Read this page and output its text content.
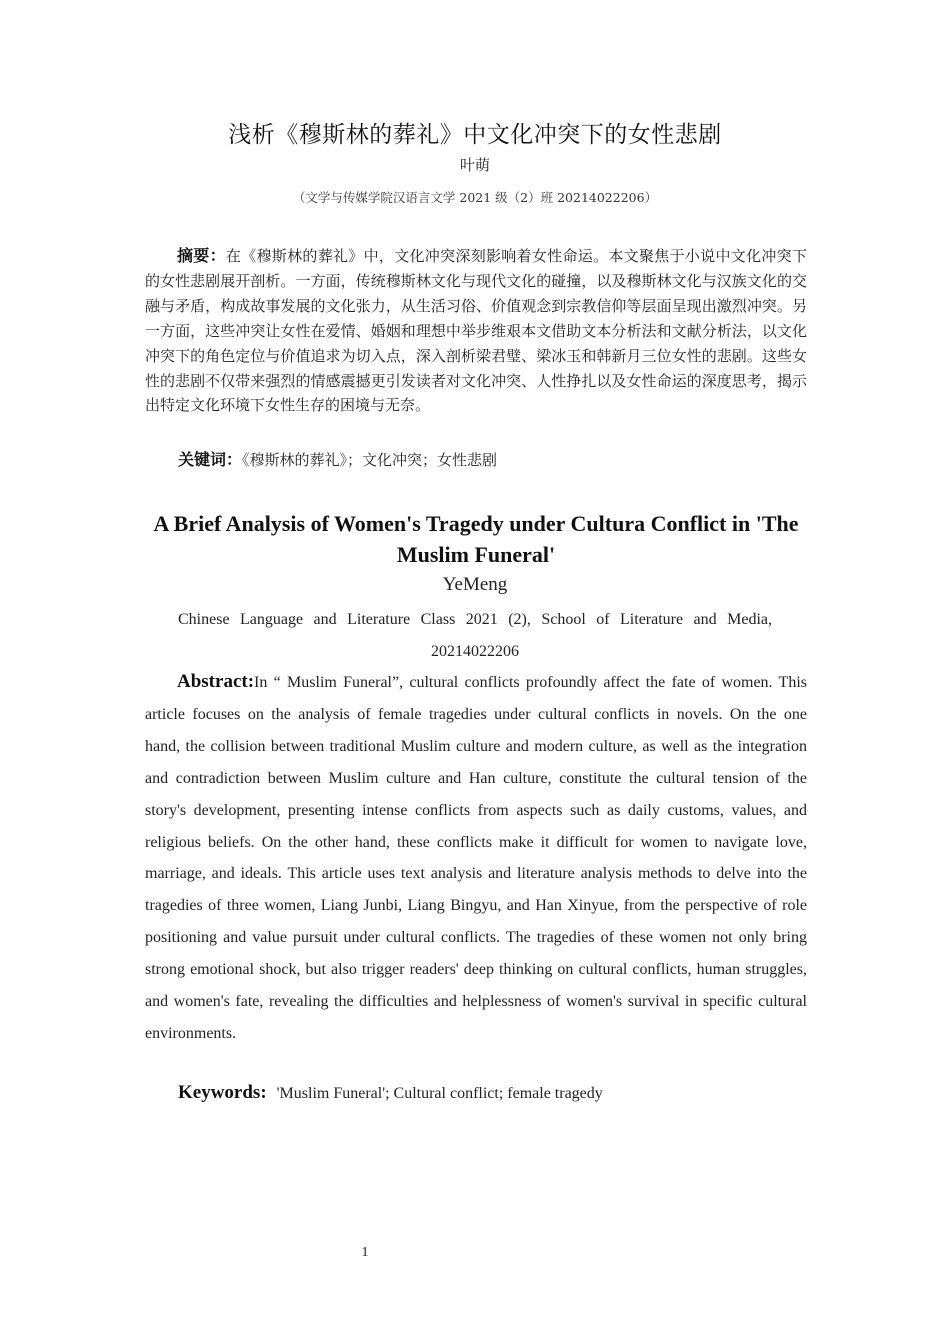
浅析《穆斯林的葬礼》中文化冲突下的女性悲剧
叶萌
（文学与传媒学院汉语言文学 2021 级（2）班 20214022206）

摘要：在《穆斯林的葬礼》中，文化冲突深刻影响着女性命运。本文聚焦于小说中文化冲突下的女性悲剧展开剖析。一方面，传统穆斯林文化与现代文化的碰撞，以及穆斯林文化与汉族文化的交融与矛盾，构成故事发展的文化张力，从生活习俗、价值观念到宗教信仰等层面呈现出激烈冲突。另一方面，这些冲突让女性在爱情、婚姻和理想中举步维艰本文借助文本分析法和文献分析法，以文化冲突下的角色定位与价值追求为切入点，深入剖析梁君璧、梁冰玉和韩新月三位女性的悲剧。这些女性的悲剧不仅带来强烈的情感震撼更引发读者对文化冲突、人性挣扎以及女性命运的深度思考，揭示出特定文化环境下女性生存的困境与无奈。

关键词：《穆斯林的葬礼》；文化冲突；女性悲剧

A Brief Analysis of Women's Tragedy under Cultura Conflict in 'The Muslim Funeral'
YeMeng

Chinese Language and Literature Class 2021 (2), School of Literature and Media,
20214022206

Abstract:In “ Muslim Funeral”, cultural conflicts profoundly affect the fate of women. This article focuses on the analysis of female tragedies under cultural conflicts in novels. On the one hand, the collision between traditional Muslim culture and modern culture, as well as the integration and contradiction between Muslim culture and Han culture, constitute the cultural tension of the story's development, presenting intense conflicts from aspects such as daily customs, values, and religious beliefs. On the other hand, these conflicts make it difficult for women to navigate love, marriage, and ideals. This article uses text analysis and literature analysis methods to delve into the tragedies of three women, Liang Junbi, Liang Bingyu, and Han Xinyue, from the perspective of role positioning and value pursuit under cultural conflicts. The tragedies of these women not only bring strong emotional shock, but also trigger readers' deep thinking on cultural conflicts, human struggles, and women's fate, revealing the difficulties and helplessness of women's survival in specific cultural environments.

Keywords: 'Muslim Funeral'; Cultural conflict; female tragedy

1
